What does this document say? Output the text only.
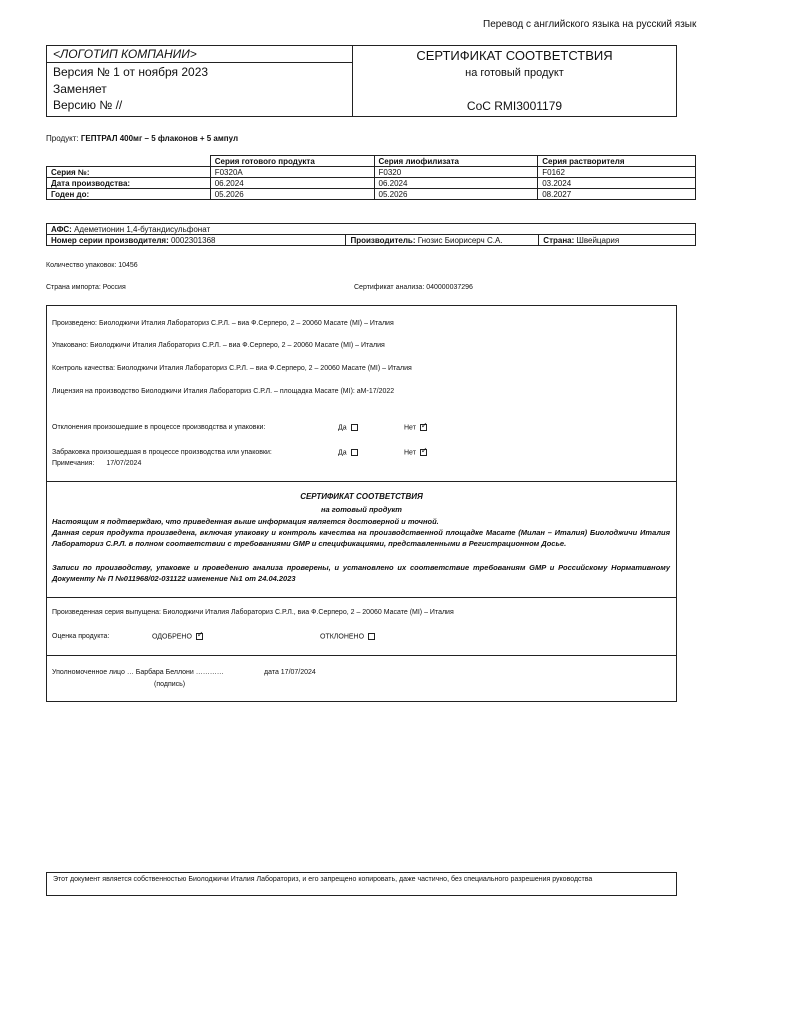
Перевод с английского языка на русский язык
<ЛОГОТИП КОМПАНИИ>
Версия № 1 от ноября 2023
Заменяет
Версию № //
СЕРТИФИКАТ СООТВЕТСТВИЯ
на готовый продукт
CoC RMI3001179
Продукт: ГЕПТРАЛ 400мг – 5 флаконов + 5 ампул
	Серия готового продукта	Серия лиофилизата	Серия растворителя
Серия №:	F0320A	F0320	F0162
Дата производства:	06.2024	06.2024	03.2024
Годен до:	05.2026	05.2026	08.2027
АФС: Адеметионин 1,4-бутандисульфонат
Номер серии производителя: 0002301368	Производитель: Гнозис Биорисерч С.А.	Страна: Швейцария
Количество упаковок: 10456
Страна импорта: Россия	Сертификат анализа: 040000037296
Произведено: Биолоджичи Италия Лабораториз С.Р.Л. – виа Ф.Серперо, 2 – 20060 Масате (MI) – Италия
Упаковано: Биолоджичи Италия Лабораториз С.Р.Л. – виа Ф.Серперо, 2 – 20060 Масате (MI) – Италия
Контроль качества: Биолоджичи Италия Лабораториз С.Р.Л. – виа Ф.Серперо, 2 – 20060 Масате (MI) – Италия
Лицензия на производство Биолоджичи Италия Лабораториз С.Р.Л. – площадка Масате (MI): aM-17/2022
Отклонения произошедшие в процессе производства и упаковки:	Да	Нет✓
Забраковка произошедшая в процессе производства или упаковки:	Да	Нет✓
Примечания: 17/07/2024
СЕРТИФИКАТ СООТВЕТСТВИЯ
на готовый продукт
Настоящим я подтверждаю, что приведенная выше информация является достоверной и точной.
Данная серия продукта произведена, включая упаковку и контроль качества на производственной площадке Масате (Милан – Италия) Биолоджичи Италия Лабораториз С.Р.Л. в полном соответствии с требованиями GMP и спецификациями, представленными в Регистрационном Досье.
Записи по производству, упаковке и проведению анализа проверены, и установлено их соответствие требованиям GMP и Российскому Нормативному Документу № П №011968/02-031122 изменение №1 от 24.04.2023
Произведенная серия выпущена: Биолоджичи Италия Лабораториз С.Р.Л., виа Ф.Серперо, 2 – 20060 Масате (MI) – Италия
Оценка продукта:	ОДОБРЕНО ✓	ОТКЛОНЕНО
Уполномоченное лицо … Барбара Беллони …………	дата 17/07/2024
(подпись)
Этот документ является собственностью Биолоджичи Италия Лабораториз, и его запрещено копировать, даже частично, без специального разрешения руководства
